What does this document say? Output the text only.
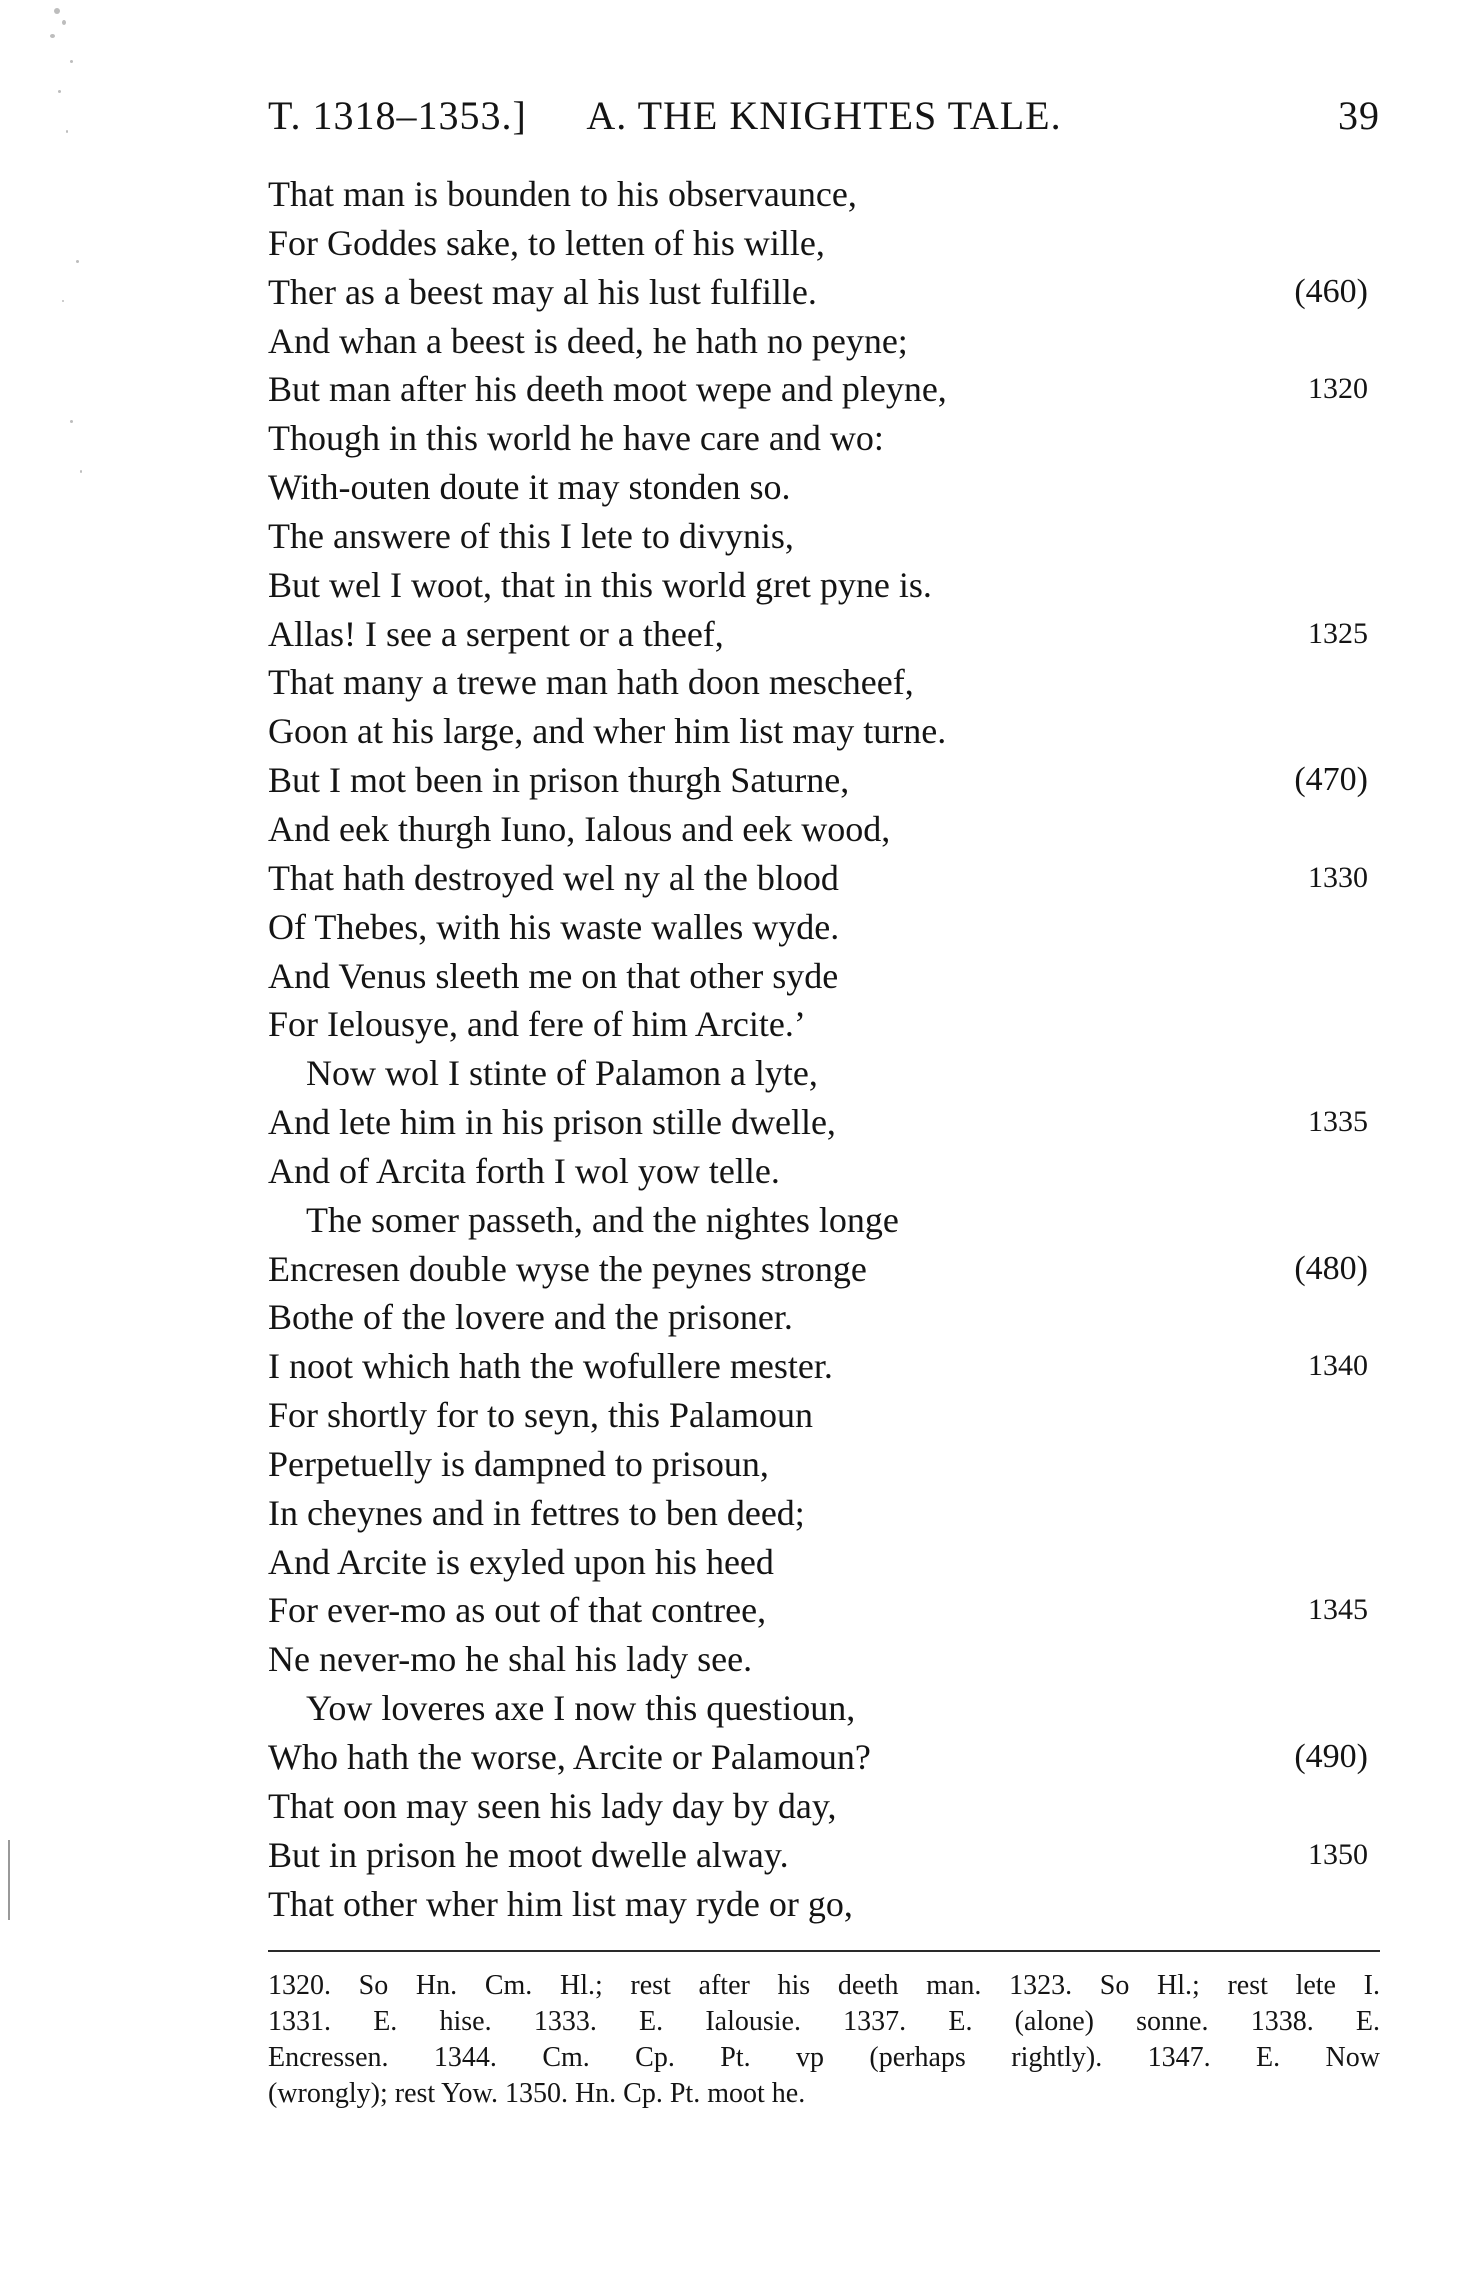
T. 1318–1353.]	A. THE KNIGHTES TALE.	39
That man is bounden to his observaunce,
For Goddes sake, to letten of his wille,
Ther as a beest may al his lust fulfille.	(460)
And whan a beest is deed, he hath no peyne;
But man after his deeth moot wepe and pleyne,	1320
Though in this world he have care and wo:
With-outen doute it may stonden so.
The answere of this I lete to divynis,
But wel I woot, that in this world gret pyne is.
Allas! I see a serpent or a theef,	1325
That many a trewe man hath doon mescheef,
Goon at his large, and wher him list may turne.
But I mot been in prison thurgh Saturne,	(470)
And eek thurgh Iuno, Ialous and eek wood,
That hath destroyed wel ny al the blood	1330
Of Thebes, with his waste walles wyde.
And Venus sleeth me on that other syde
For Ielousye, and fere of him Arcite.’
Now wol I stinte of Palamon a lyte,
And lete him in his prison stille dwelle,	1335
And of Arcita forth I wol yow telle.
The somer passeth, and the nightes longe
Encresen double wyse the peynes stronge	(480)
Bothe of the lovere and the prisoner.
I noot which hath the wofullere mester.	1340
For shortly for to seyn, this Palamoun
Perpetuelly is dampned to prisoun,
In cheynes and in fettres to ben deed;
And Arcite is exyled upon his heed
For ever-mo as out of that contree,	1345
Ne never-mo he shal his lady see.
Yow loveres axe I now this questioun,
Who hath the worse, Arcite or Palamoun?	(490)
That oon may seen his lady day by day,
But in prison he moot dwelle alway.	1350
That other wher him list may ryde or go,
1320. So Hn. Cm. Hl.; rest after his deeth man. 1323. So Hl.; rest lete I.
1331. E. hise. 1333. E. Ialousie. 1337. E. (alone) sonne. 1338. E.
Encressen. 1344. Cm. Cp. Pt. vp (perhaps rightly). 1347. E. Now
(wrongly); rest Yow. 1350. Hn. Cp. Pt. moot he.
